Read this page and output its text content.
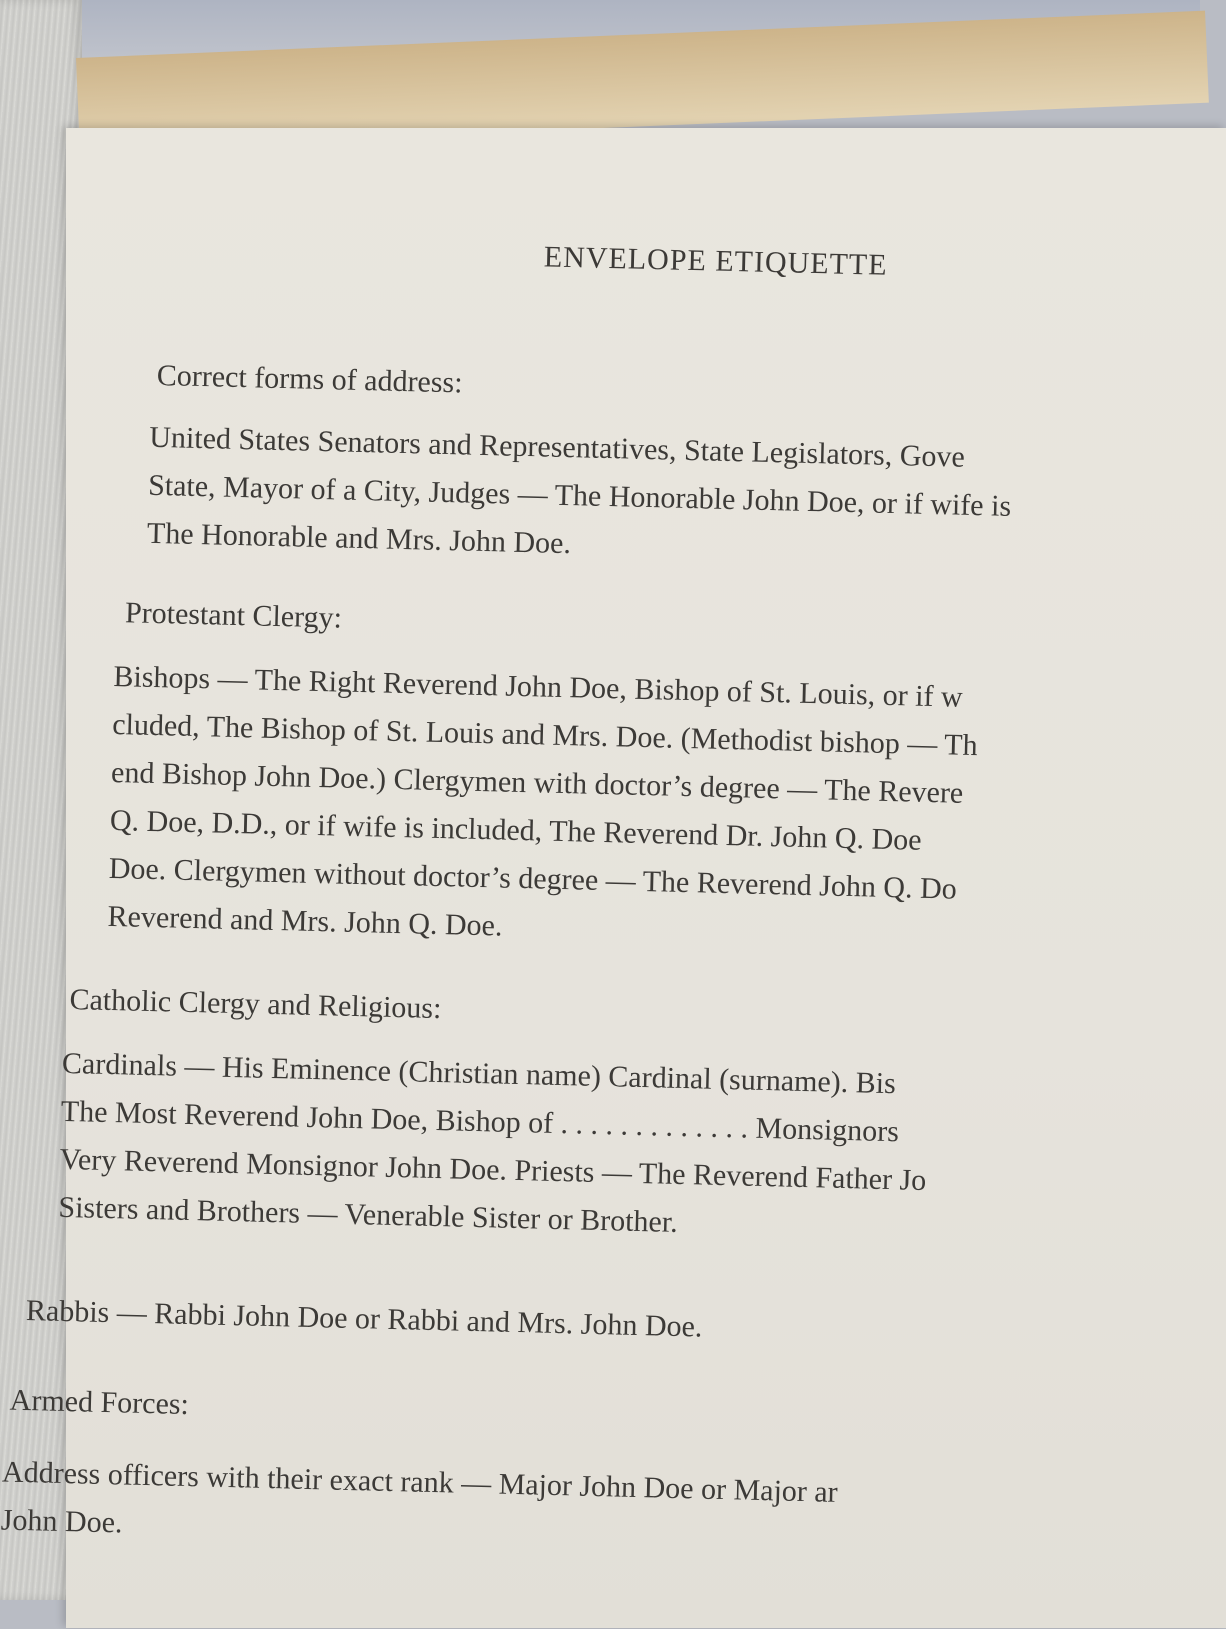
ENVELOPE ETIQUETTE
Correct forms of address:
United States Senators and Representatives, State Legislators, Gove
State, Mayor of a City, Judges — The Honorable John Doe, or if wife is
The Honorable and Mrs. John Doe.
Protestant Clergy:
Bishops — The Right Reverend John Doe, Bishop of St. Louis, or if w
cluded, The Bishop of St. Louis and Mrs. Doe. (Methodist bishop — Th
end Bishop John Doe.) Clergymen with doctor’s degree — The Revere
Q. Doe, D.D., or if wife is included, The Reverend Dr. John Q. Doe
Doe. Clergymen without doctor’s degree — The Reverend John Q. Do
Reverend and Mrs. John Q. Doe.
Catholic Clergy and Religious:
Cardinals — His Eminence (Christian name) Cardinal (surname). Bis
The Most Reverend John Doe, Bishop of . . . . . . . . . . . . . Monsignors
Very Reverend Monsignor John Doe. Priests — The Reverend Father Jo
Sisters and Brothers — Venerable Sister or Brother.
Rabbis — Rabbi John Doe or Rabbi and Mrs. John Doe.
Armed Forces:
Address officers with their exact rank — Major John Doe or Major ar
John Doe.
